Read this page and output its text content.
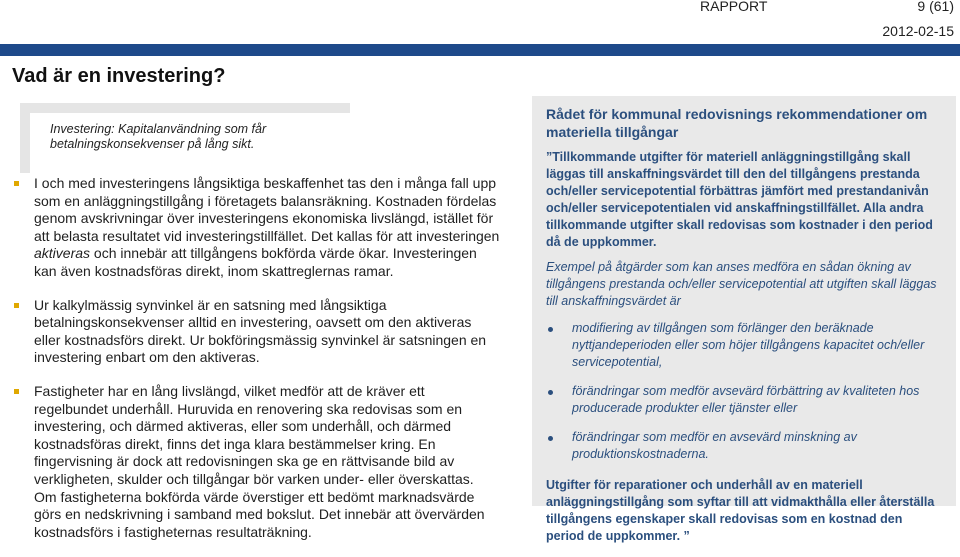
RAPPORT	9 (61)
2012-02-15
Vad är en investering?
Investering: Kapitalanvändning som får betalningskonsekvenser på lång sikt.
I och med investeringens långsiktiga beskaffenhet tas den i många fall upp som en anläggningstillgång i företagets balansräkning. Kostnaden fördelas genom avskrivningar över investeringens ekonomiska livslängd, istället för att belasta resultatet vid investeringstillfället. Det kallas för att investeringen aktiveras och innebär att tillgångens bokförda värde ökar. Investeringen kan även kostnadsföras direkt, inom skattreglernas ramar.
Ur kalkylmässig synvinkel är en satsning med långsiktiga betalningskonsekvenser alltid en investering, oavsett om den aktiveras eller kostnadsförs direkt. Ur bokföringsmässig synvinkel är satsningen en investering enbart om den aktiveras.
Fastigheter har en lång livslängd, vilket medför att de kräver ett regelbundet underhåll. Huruvida en renovering ska redovisas som en investering, och därmed aktiveras, eller som underhåll, och därmed kostnadsföras direkt, finns det inga klara bestämmelser kring. En fingervisning är dock att redovisningen ska ge en rättvisande bild av verkligheten, skulder och tillgångar bör varken under- eller överskattas. Om fastigheterna bokförda värde överstiger ett bedömt marknadsvärde görs en nedskrivning i samband med bokslut. Det innebär att övervärden kostnadsförs i fastigheternas resultaträkning.
Rådet för kommunal redovisnings rekommendationer om materiella tillgångar
”Tillkommande utgifter för materiell anläggningstillgång skall läggas till anskaffningsvärdet till den del tillgångens prestanda och/eller servicepotential förbättras jämfört med prestandanivån och/eller servicepotentialen vid anskaffningstillfället. Alla andra tillkommande utgifter skall redovisas som kostnader i den period då de uppkommer.
Exempel på åtgärder som kan anses medföra en sådan ökning av tillgångens prestanda och/eller servicepotential att utgiften skall läggas till anskaffningsvärdet är
modifiering av tillgången som förlänger den beräknade nyttjandeperioden eller som höjer tillgångens kapacitet och/eller servicepotential,
förändringar som medför avsevärd förbättring av kvaliteten hos producerade produkter eller tjänster eller
förändringar som medför en avsevärd minskning av produktionskostnaderna.
Utgifter för reparationer och underhåll av en materiell anläggningstillgång som syftar till att vidmakthålla eller återställa tillgångens egenskaper skall redovisas som en kostnad den period de uppkommer. ”
